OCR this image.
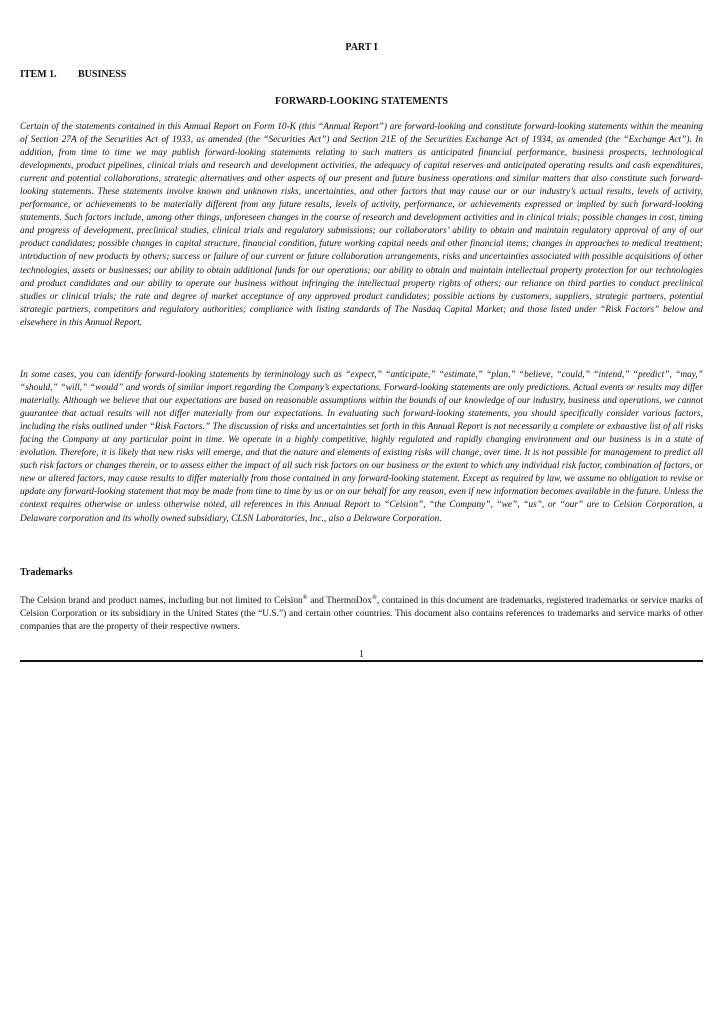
PART I
ITEM 1. BUSINESS
FORWARD-LOOKING STATEMENTS

Certain of the statements contained in this Annual Report on Form 10-K (this “Annual Report”) are forward-looking and constitute forward-looking statements within the meaning of Section 27A of the Securities Act of 1933, as amended (the “Securities Act”) and Section 21E of the Securities Exchange Act of 1934, as amended (the “Exchange Act”). In addition, from time to time we may publish forward-looking statements relating to such matters as anticipated financial performance, business prospects, technological developments, product pipelines, clinical trials and research and development activities, the adequacy of capital reserves and anticipated operating results and cash expenditures, current and potential collaborations, strategic alternatives and other aspects of our present and future business operations and similar matters that also constitute such forward-looking statements. These statements involve known and unknown risks, uncertainties, and other factors that may cause our or our industry’s actual results, levels of activity, performance, or achievements to be materially different from any future results, levels of activity, performance, or achievements expressed or implied by such forward-looking statements. Such factors include, among other things, unforeseen changes in the course of research and development activities and in clinical trials; possible changes in cost, timing and progress of development, preclinical studies, clinical trials and regulatory submissions; our collaborators’ ability to obtain and maintain regulatory approval of any of our product candidates; possible changes in capital structure, financial condition, future working capital needs and other financial items; changes in approaches to medical treatment; introduction of new products by others; success or failure of our current or future collaboration arrangements, risks and uncertainties associated with possible acquisitions of other technologies, assets or businesses; our ability to obtain additional funds for our operations; our ability to obtain and maintain intellectual property protection for our technologies and product candidates and our ability to operate our business without infringing the intellectual property rights of others; our reliance on third parties to conduct preclinical studies or clinical trials; the rate and degree of market acceptance of any approved product candidates; possible actions by customers, suppliers, strategic partners, potential strategic partners, competitors and regulatory authorities; compliance with listing standards of The Nasdaq Capital Market; and those listed under “Risk Factors” below and elsewhere in this Annual Report.

In some cases, you can identify forward-looking statements by terminology such as “expect,” “anticipate,” “estimate,” “plan,” “believe, “could,” “intend,” “predict”, “may,” “should,” “will,” “would” and words of similar import regarding the Company’s expectations. Forward-looking statements are only predictions. Actual events or results may differ materially. Although we believe that our expectations are based on reasonable assumptions within the bounds of our knowledge of our industry, business and operations, we cannot guarantee that actual results will not differ materially from our expectations. In evaluating such forward-looking statements, you should specifically consider various factors, including the risks outlined under “Risk Factors.” The discussion of risks and uncertainties set forth in this Annual Report is not necessarily a complete or exhaustive list of all risks facing the Company at any particular point in time. We operate in a highly competitive, highly regulated and rapidly changing environment and our business is in a state of evolution. Therefore, it is likely that new risks will emerge, and that the nature and elements of existing risks will change, over time. It is not possible for management to predict all such risk factors or changes therein, or to assess either the impact of all such risk factors on our business or the extent to which any individual risk factor, combination of factors, or new or altered factors, may cause results to differ materially from those contained in any forward-looking statement. Except as required by law, we assume no obligation to revise or update any forward-looking statement that may be made from time to time by us or on our behalf for any reason, even if new information becomes available in the future. Unless the context requires otherwise or unless otherwise noted, all references in this Annual Report to “Celsion”, “the Company”, “we”, “us”, or “our” are to Celsion Corporation, a Delaware corporation and its wholly owned subsidiary, CLSN Laboratories, Inc., also a Delaware Corporation.

Trademarks

The Celsion brand and product names, including but not limited to Celsion® and ThermoDox®, contained in this document are trademarks, registered trademarks or service marks of Celsion Corporation or its subsidiary in the United States (the “U.S.”) and certain other countries. This document also contains references to trademarks and service marks of other companies that are the property of their respective owners.

1
